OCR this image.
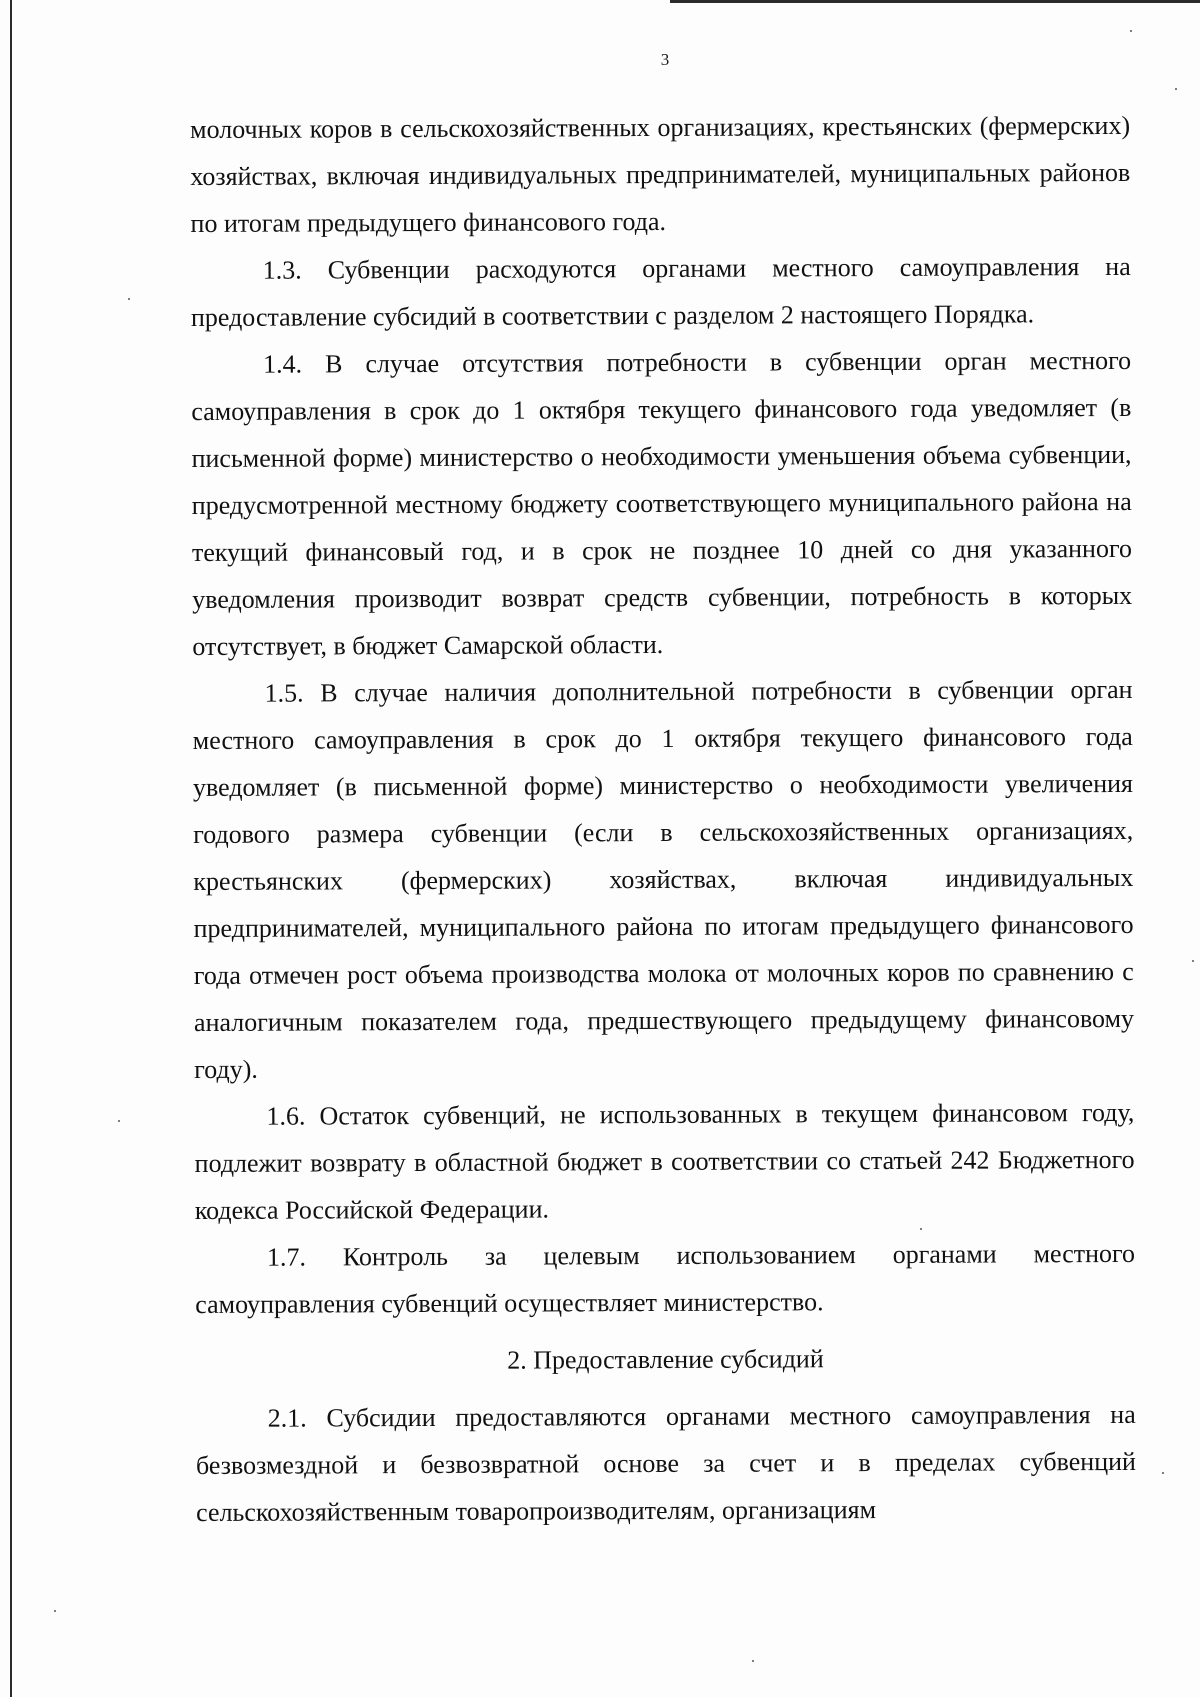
3

молочных коров в сельскохозяйственных организациях, крестьянских (фермерских) хозяйствах, включая индивидуальных предпринимателей, муниципальных районов по итогам предыдущего финансового года.

1.3. Субвенции расходуются органами местного самоуправления на предоставление субсидий в соответствии с разделом 2 настоящего Порядка.

1.4. В случае отсутствия потребности в субвенции орган местного самоуправления в срок до 1 октября текущего финансового года уведомляет (в письменной форме) министерство о необходимости уменьшения объема субвенции, предусмотренной местному бюджету соответствующего муниципального района на текущий финансовый год, и в срок не позднее 10 дней со дня указанного уведомления производит возврат средств субвенции, потребность в которых отсутствует, в бюджет Самарской области.

1.5. В случае наличия дополнительной потребности в субвенции орган местного самоуправления в срок до 1 октября текущего финансового года уведомляет (в письменной форме) министерство о необходимости увеличения годового размера субвенции (если в сельскохозяйственных организациях, крестьянских (фермерских) хозяйствах, включая индивидуальных предпринимателей, муниципального района по итогам предыдущего финансового года отмечен рост объема производства молока от молочных коров по сравнению с аналогичным показателем года, предшествующего предыдущему финансовому году).

1.6. Остаток субвенций, не использованных в текущем финансовом году, подлежит возврату в областной бюджет в соответствии со статьей 242 Бюджетного кодекса Российской Федерации.

1.7. Контроль за целевым использованием органами местного самоуправления субвенций осуществляет министерство.

2. Предоставление субсидий

2.1. Субсидии предоставляются органами местного самоуправления на безвозмездной и безвозвратной основе за счет и в пределах субвенций сельскохозяйственным товаропроизводителям, организациям
